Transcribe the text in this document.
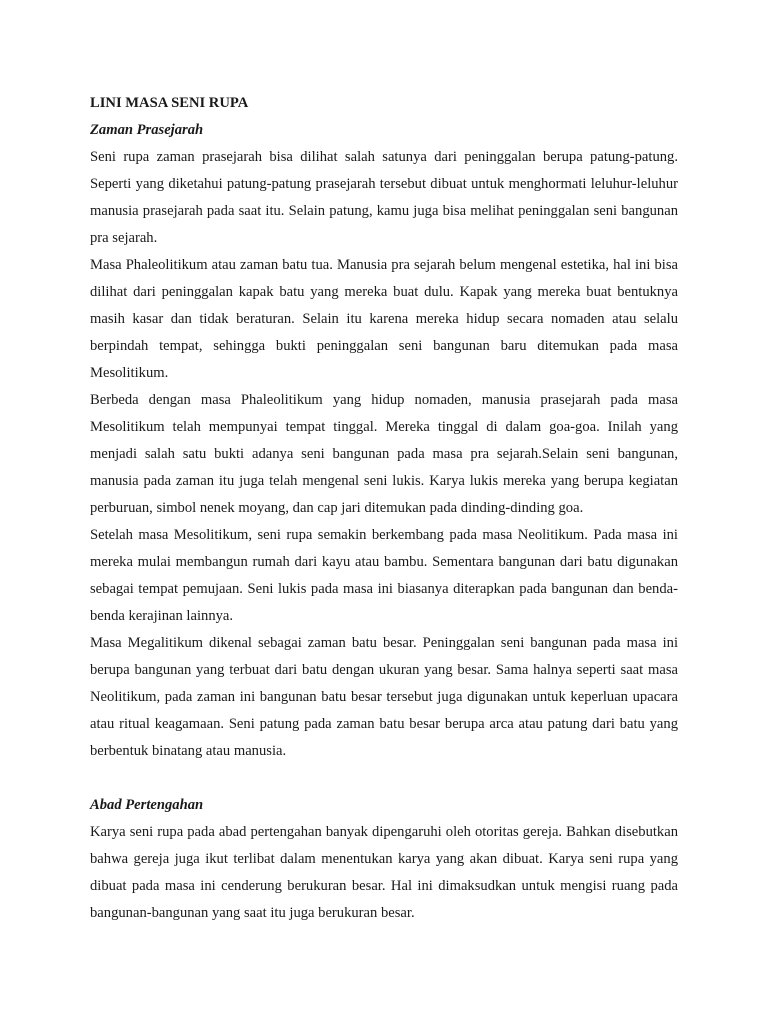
LINI MASA SENI RUPA
Zaman Prasejarah

Seni rupa zaman prasejarah bisa dilihat salah satunya dari peninggalan berupa patung-patung. Seperti yang diketahui patung-patung prasejarah tersebut dibuat untuk menghormati leluhur-leluhur manusia prasejarah pada saat itu. Selain patung, kamu juga bisa melihat peninggalan seni bangunan pra sejarah.

Masa Phaleolitikum atau zaman batu tua. Manusia pra sejarah belum mengenal estetika, hal ini bisa dilihat dari peninggalan kapak batu yang mereka buat dulu. Kapak yang mereka buat bentuknya masih kasar dan tidak beraturan. Selain itu karena mereka hidup secara nomaden atau selalu berpindah tempat, sehingga bukti peninggalan seni bangunan baru ditemukan pada masa Mesolitikum.

Berbeda dengan masa Phaleolitikum yang hidup nomaden, manusia prasejarah pada masa Mesolitikum telah mempunyai tempat tinggal. Mereka tinggal di dalam goa-goa. Inilah yang menjadi salah satu bukti adanya seni bangunan pada masa pra sejarah.Selain seni bangunan, manusia pada zaman itu juga telah mengenal seni lukis. Karya lukis mereka yang berupa kegiatan perburuan, simbol nenek moyang, dan cap jari ditemukan pada dinding-dinding goa.

Setelah masa Mesolitikum, seni rupa semakin berkembang pada masa Neolitikum. Pada masa ini mereka mulai membangun rumah dari kayu atau bambu. Sementara bangunan dari batu digunakan sebagai tempat pemujaan. Seni lukis pada masa ini biasanya diterapkan pada bangunan dan benda-benda kerajinan lainnya.

Masa Megalitikum dikenal sebagai zaman batu besar. Peninggalan seni bangunan pada masa ini berupa bangunan yang terbuat dari batu dengan ukuran yang besar. Sama halnya seperti saat masa Neolitikum, pada zaman ini bangunan batu besar tersebut juga digunakan untuk keperluan upacara atau ritual keagamaan. Seni patung pada zaman batu besar berupa arca atau patung dari batu yang berbentuk binatang atau manusia.

Abad Pertengahan

Karya seni rupa pada abad pertengahan banyak dipengaruhi oleh otoritas gereja. Bahkan disebutkan bahwa gereja juga ikut terlibat dalam menentukan karya yang akan dibuat. Karya seni rupa yang dibuat pada masa ini cenderung berukuran besar. Hal ini dimaksudkan untuk mengisi ruang pada bangunan-bangunan yang saat itu juga berukuran besar.
